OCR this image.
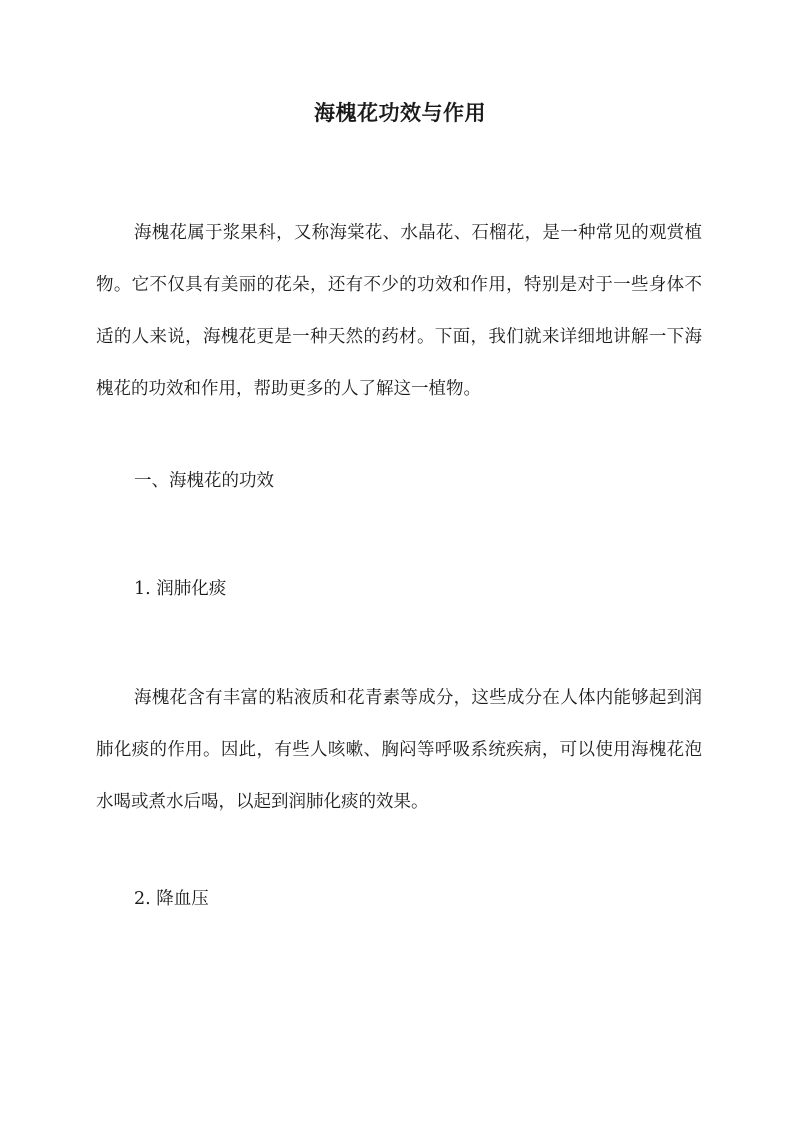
海槐花功效与作用

海槐花属于浆果科，又称海棠花、水晶花、石榴花，是一种常见的观赏植物。它不仅具有美丽的花朵，还有不少的功效和作用，特别是对于一些身体不适的人来说，海槐花更是一种天然的药材。下面，我们就来详细地讲解一下海槐花的功效和作用，帮助更多的人了解这一植物。

一、海槐花的功效

1. 润肺化痰

海槐花含有丰富的粘液质和花青素等成分，这些成分在人体内能够起到润肺化痰的作用。因此，有些人咳嗽、胸闷等呼吸系统疾病，可以使用海槐花泡水喝或煮水后喝，以起到润肺化痰的效果。

2. 降血压
